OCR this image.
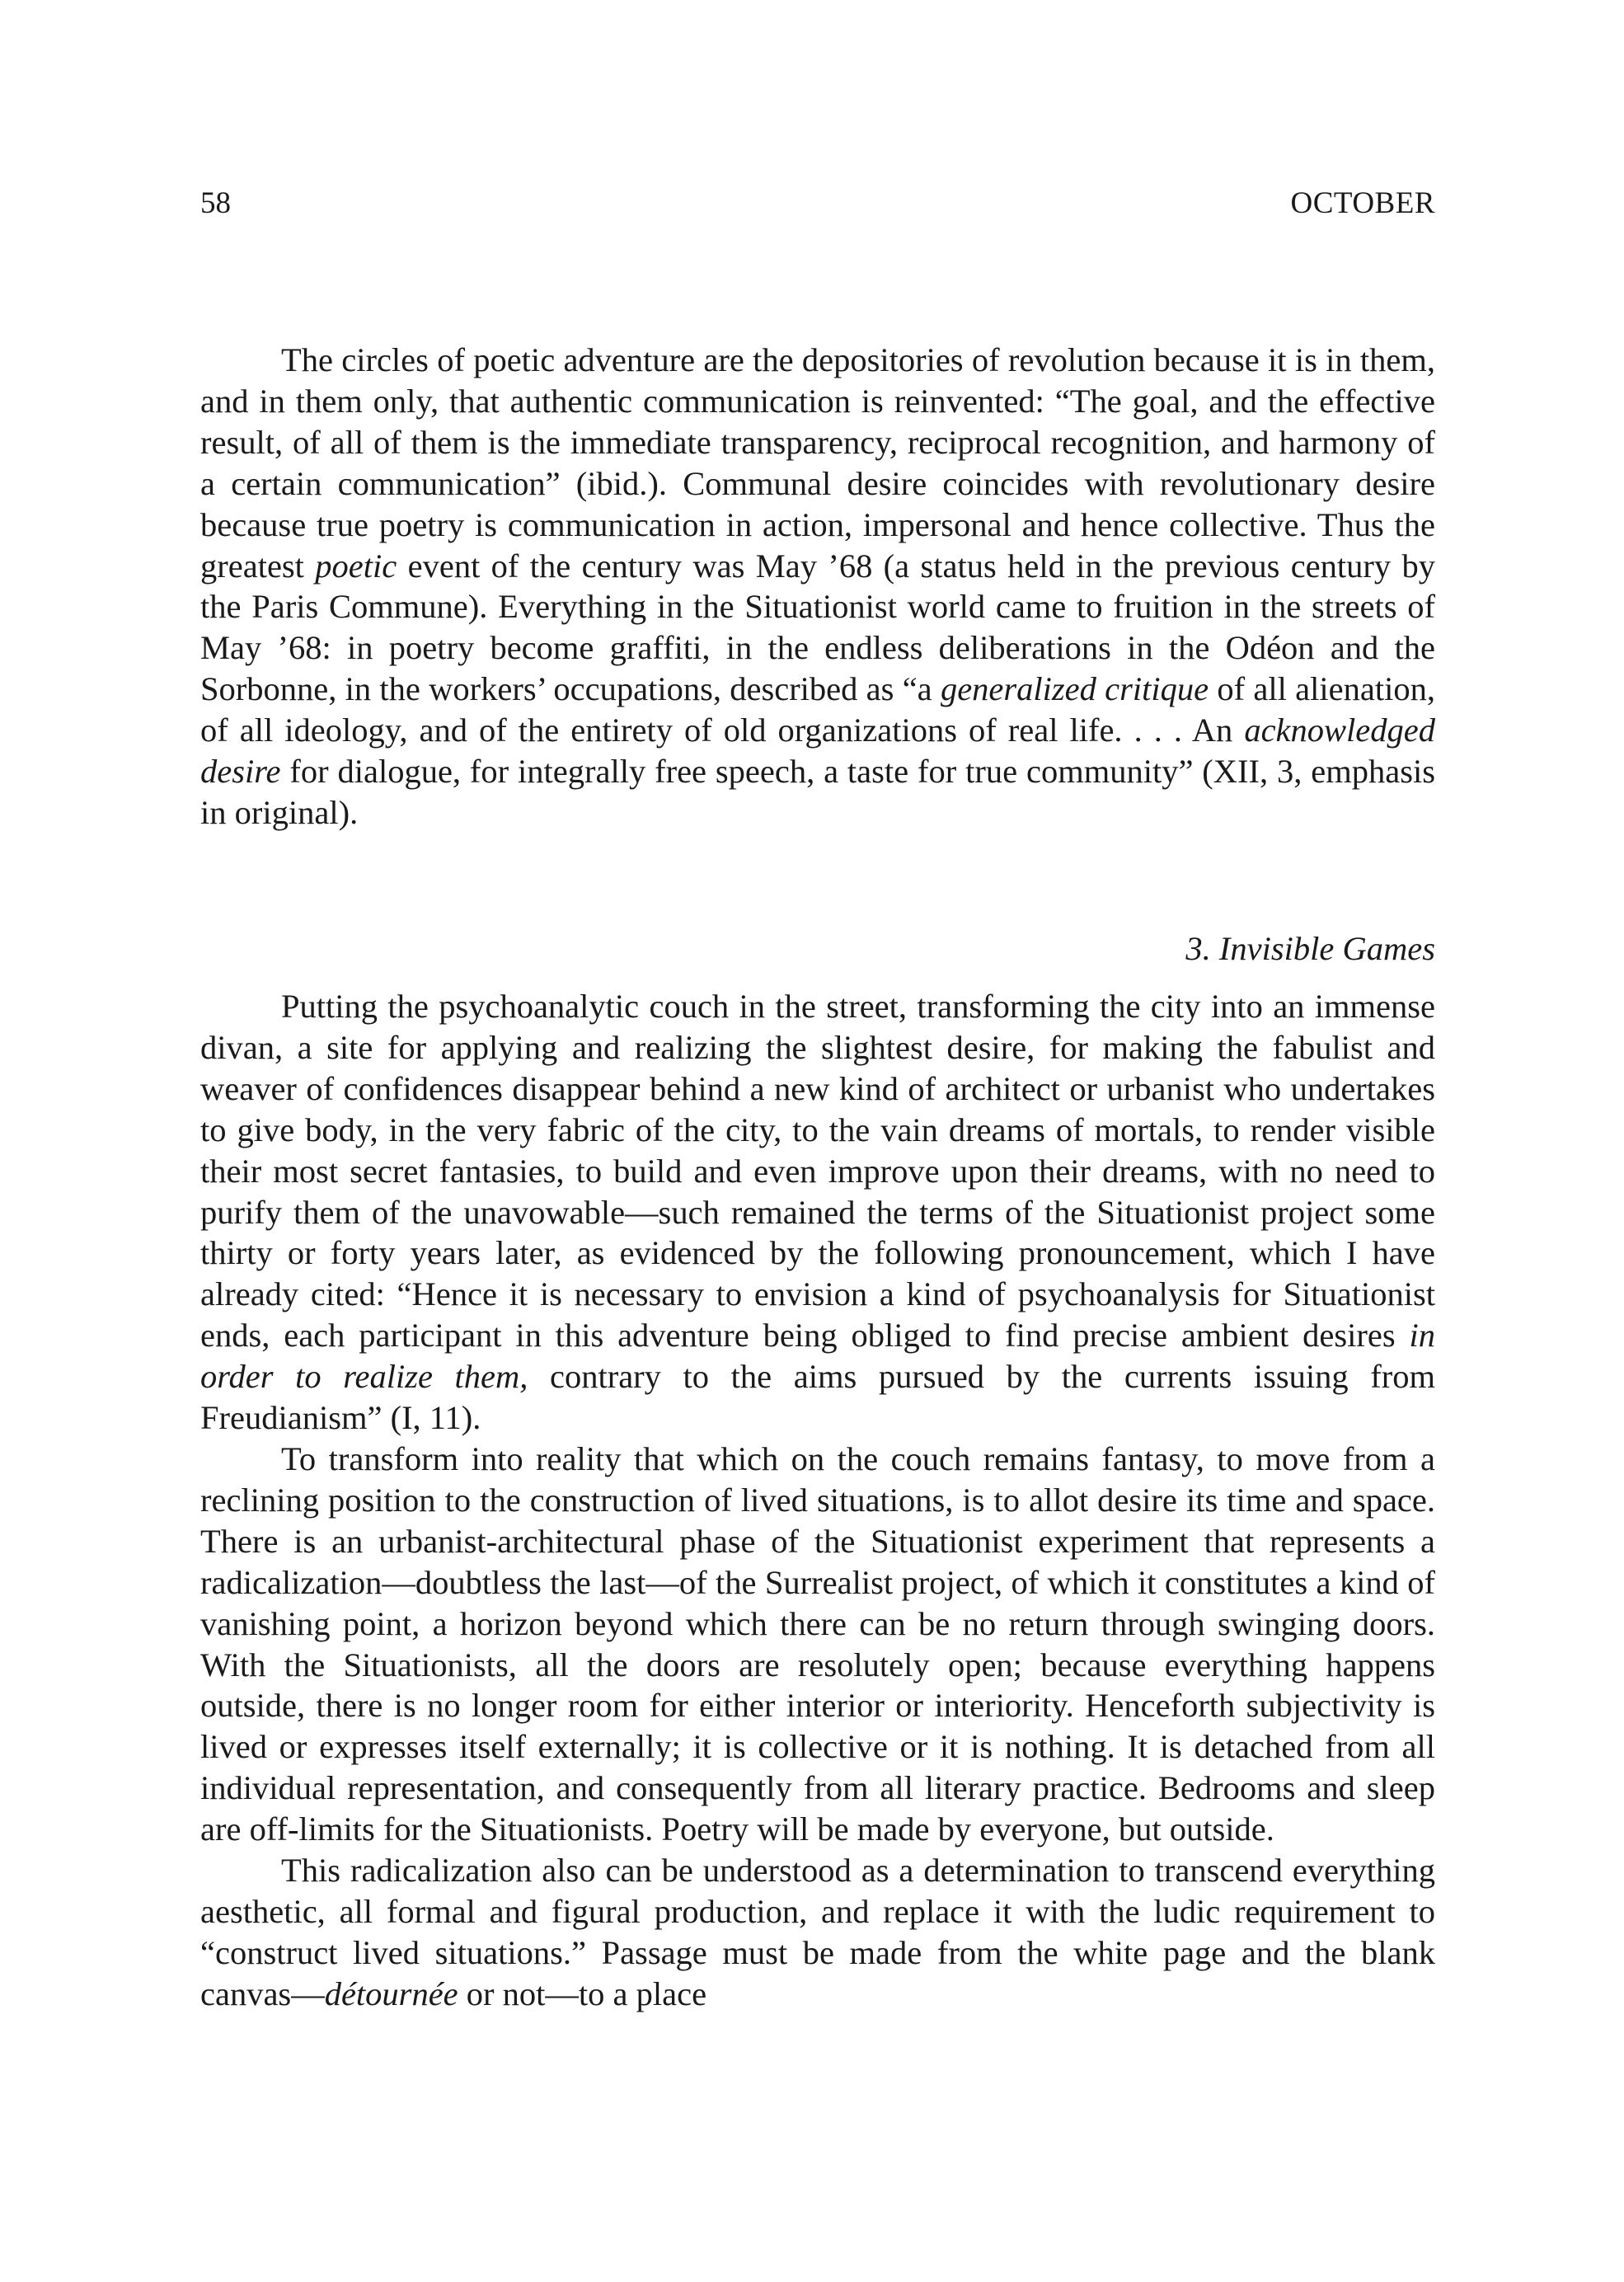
58	OCTOBER

The circles of poetic adventure are the depositories of revolution because it is in them, and in them only, that authentic communication is reinvented: “The goal, and the effective result, of all of them is the immediate transparency, reciprocal recognition, and harmony of a certain communication” (ibid.). Communal desire coincides with revolutionary desire because true poetry is communication in action, impersonal and hence collective. Thus the greatest poetic event of the century was May ’68 (a status held in the previous century by the Paris Commune). Everything in the Situationist world came to fruition in the streets of May ’68: in poetry become graffiti, in the endless deliberations in the Odéon and the Sorbonne, in the workers’ occupations, described as “a generalized critique of all alienation, of all ideology, and of the entirety of old organizations of real life. . . . An acknowledged desire for dialogue, for integrally free speech, a taste for true community” (XII, 3, emphasis in original).

3. Invisible Games

Putting the psychoanalytic couch in the street, transforming the city into an immense divan, a site for applying and realizing the slightest desire, for making the fabulist and weaver of confidences disappear behind a new kind of architect or urbanist who undertakes to give body, in the very fabric of the city, to the vain dreams of mortals, to render visible their most secret fantasies, to build and even improve upon their dreams, with no need to purify them of the unavowable—such remained the terms of the Situationist project some thirty or forty years later, as evidenced by the following pronouncement, which I have already cited: “Hence it is necessary to envision a kind of psychoanalysis for Situationist ends, each participant in this adventure being obliged to find precise ambient desires in order to realize them, contrary to the aims pursued by the currents issuing from Freudianism” (I, 11).

To transform into reality that which on the couch remains fantasy, to move from a reclining position to the construction of lived situations, is to allot desire its time and space. There is an urbanist-architectural phase of the Situationist experiment that represents a radicalization—doubtless the last—of the Surrealist project, of which it constitutes a kind of vanishing point, a horizon beyond which there can be no return through swinging doors. With the Situationists, all the doors are resolutely open; because everything happens outside, there is no longer room for either interior or interiority. Henceforth subjectivity is lived or expresses itself externally; it is collective or it is nothing. It is detached from all individual representation, and consequently from all literary practice. Bedrooms and sleep are off-limits for the Situationists. Poetry will be made by everyone, but outside.

This radicalization also can be understood as a determination to transcend everything aesthetic, all formal and figural production, and replace it with the ludic requirement to “construct lived situations.” Passage must be made from the white page and the blank canvas—détournée or not—to a place
